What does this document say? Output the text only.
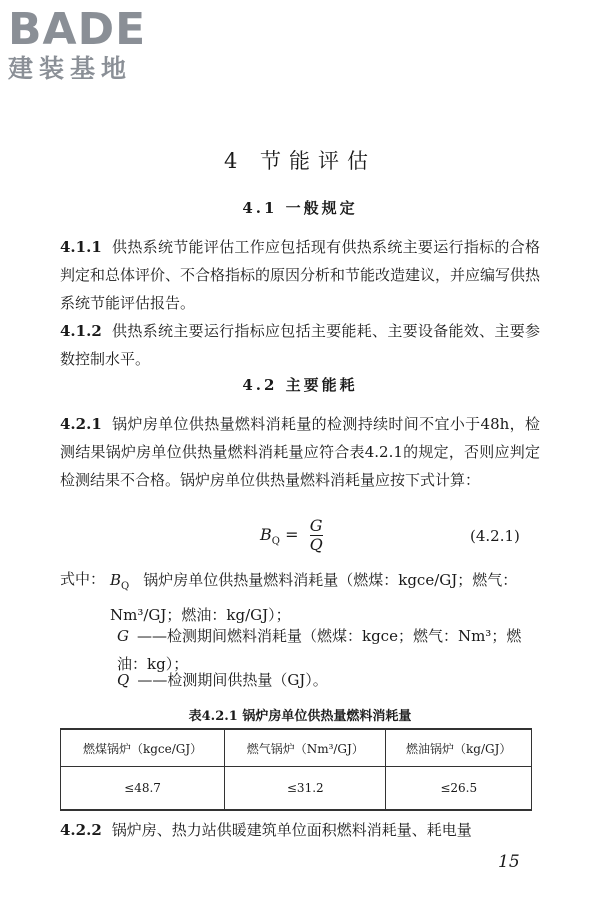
BADE
建装基地
4 节能评估
4.1 一般规定

4.1.1 供热系统节能评估工作应包括现有供热系统主要运行指标的合格判定和总体评价、不合格指标的原因分析和节能改造建议，并应编写供热系统节能评估报告。

4.1.2 供热系统主要运行指标应包括主要能耗、主要设备能效、主要参数控制水平。

4.2 主要能耗

4.2.1 锅炉房单位供热量燃料消耗量的检测持续时间不宜小于48h，检测结果锅炉房单位供热量燃料消耗量应符合表4.2.1的规定，否则应判定检测结果不合格。锅炉房单位供热量燃料消耗量应按下式计算：

$B_Q = \frac{G}{Q}$	(4.2.1)
式中： $B_Q$ 锅炉房单位供热量燃料消耗量（燃煤：kgce/GJ；燃气：Nm³/GJ；燃油：kg/GJ）；

G ——检测期间燃料消耗量（燃煤：kgce；燃气：Nm³；燃油：kg）；

Q ——检测期间供热量（GJ）。

表4.2.1 锅炉房单位供热量燃料消耗量
燃煤锅炉（kgce/GJ）	燃气锅炉（Nm³/GJ）	燃油锅炉（kg/GJ）
≤48.7	≤31.2	≤26.5

4.2.2 锅炉房、热力站供暖建筑单位面积燃料消耗量、耗电量

15
